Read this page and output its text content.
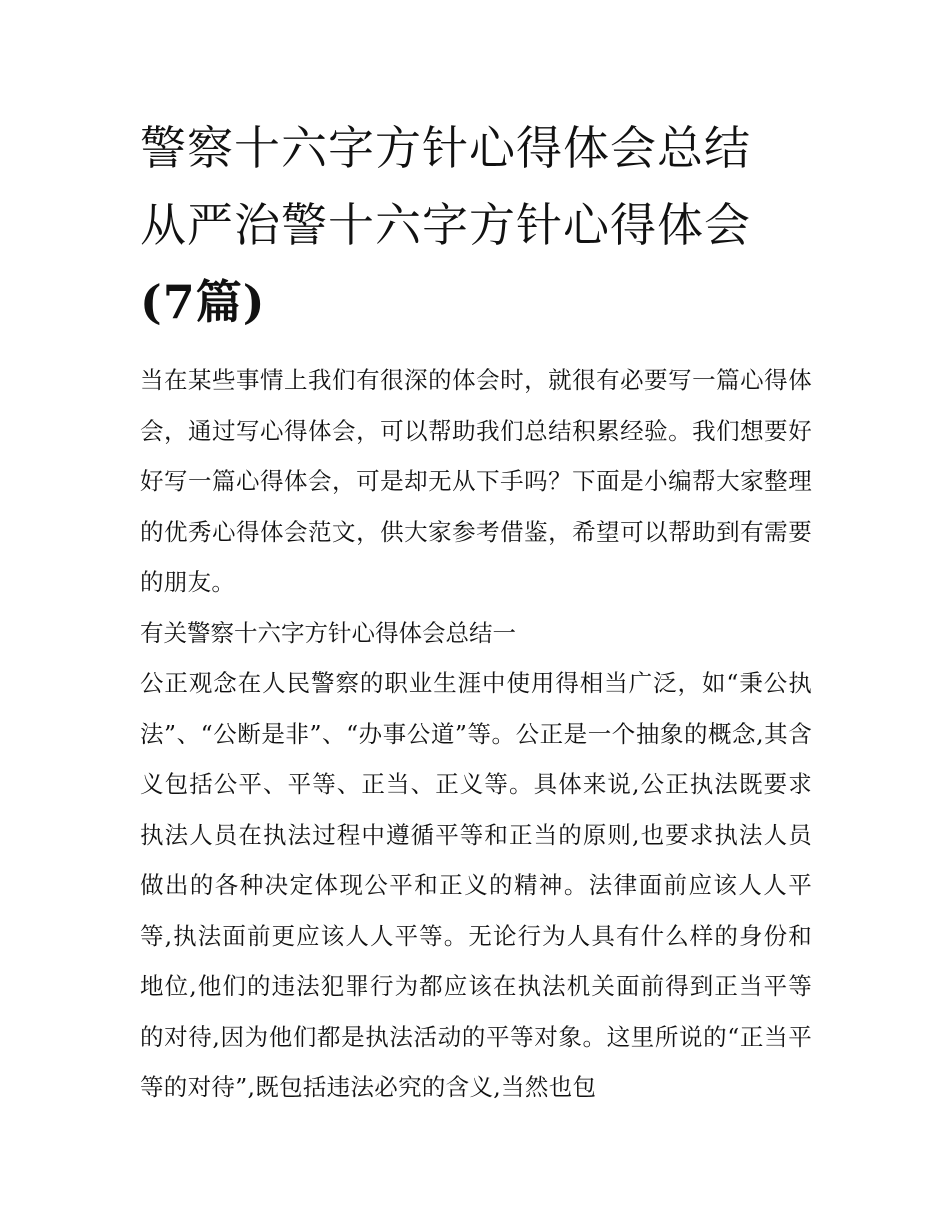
警察十六字方针心得体会总结
从严治警十六字方针心得体会
(7篇)

当在某些事情上我们有很深的体会时，就很有必要写一篇心得体会，通过写心得体会，可以帮助我们总结积累经验。我们想要好好写一篇心得体会，可是却无从下手吗？下面是小编帮大家整理的优秀心得体会范文，供大家参考借鉴，希望可以帮助到有需要的朋友。

有关警察十六字方针心得体会总结一

公正观念在人民警察的职业生涯中使用得相当广泛，如“秉公执法”、“公断是非”、“办事公道”等。公正是一个抽象的概念,其含义包括公平、平等、正当、正义等。具体来说,公正执法既要求执法人员在执法过程中遵循平等和正当的原则,也要求执法人员做出的各种决定体现公平和正义的精神。法律面前应该人人平等,执法面前更应该人人平等。无论行为人具有什么样的身份和地位,他们的违法犯罪行为都应该在执法机关面前得到正当平等的对待,因为他们都是执法活动的平等对象。这里所说的“正当平等的对待”,既包括违法必究的含义,当然也包
